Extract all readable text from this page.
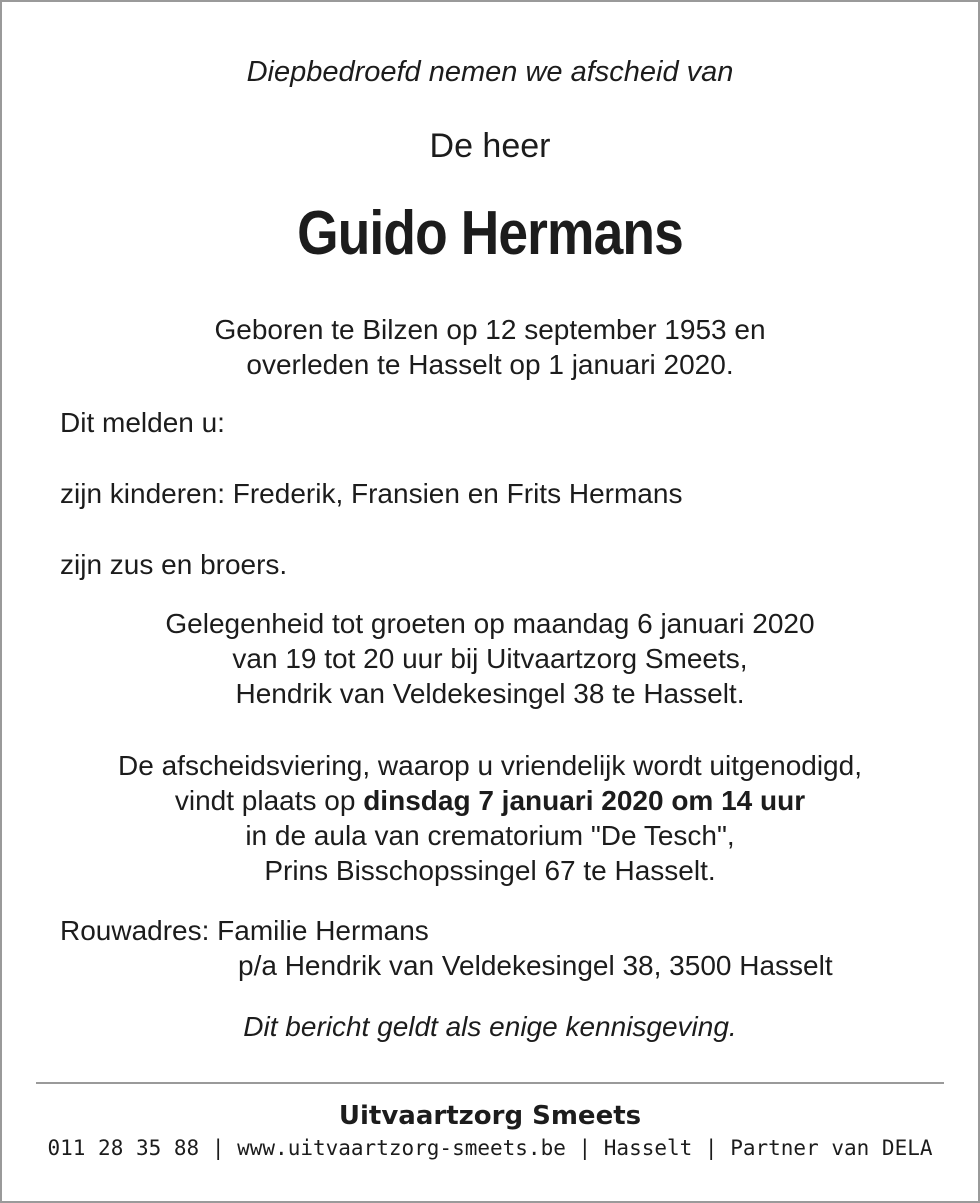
Diepbedroefd nemen we afscheid van
De heer
Guido Hermans
Geboren te Bilzen op 12 september 1953 en
overleden te Hasselt op 1 januari 2020.
Dit melden u:
zijn kinderen: Frederik, Fransien en Frits Hermans
zijn zus en broers.
Gelegenheid tot groeten op maandag 6 januari 2020
van 19 tot 20 uur bij Uitvaartzorg Smeets,
Hendrik van Veldekesingel 38 te Hasselt.
De afscheidsviering, waarop u vriendelijk wordt uitgenodigd,
vindt plaats op dinsdag 7 januari 2020 om 14 uur
in de aula van crematorium "De Tesch",
Prins Bisschopssingel 67 te Hasselt.
Rouwadres: Familie Hermans
p/a Hendrik van Veldekesingel 38, 3500 Hasselt
Dit bericht geldt als enige kennisgeving.
Uitvaartzorg Smeets
011 28 35 88 | www.uitvaartzorg-smeets.be | Hasselt | Partner van DELA
